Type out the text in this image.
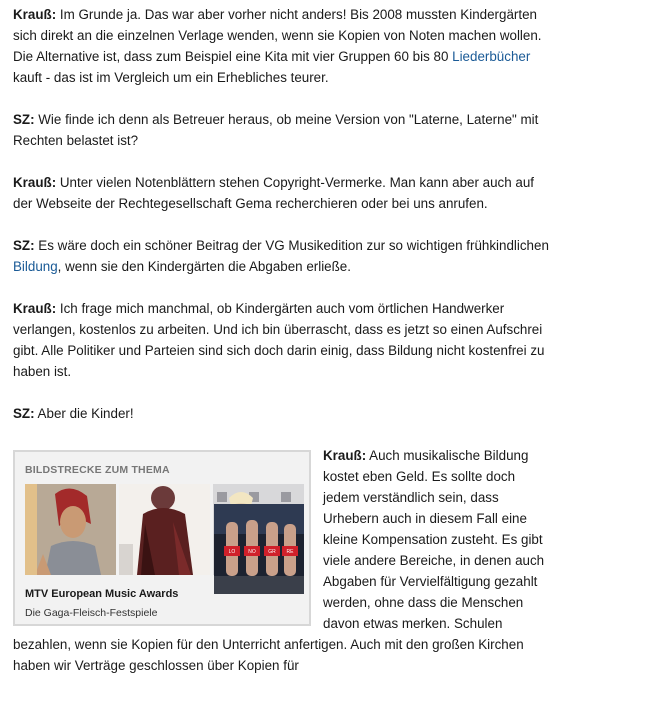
Krauß: Im Grunde ja. Das war aber vorher nicht anders! Bis 2008 mussten Kindergärten sich direkt an die einzelnen Verlage wenden, wenn sie Kopien von Noten machen wollen. Die Alternative ist, dass zum Beispiel eine Kita mit vier Gruppen 60 bis 80 Liederbücher kauft - das ist im Vergleich um ein Erhebliches teurer.

SZ: Wie finde ich denn als Betreuer heraus, ob meine Version von "Laterne, Laterne" mit Rechten belastet ist?

Krauß: Unter vielen Notenblättern stehen Copyright-Vermerke. Man kann aber auch auf der Webseite der Rechtegesellschaft Gema recherchieren oder bei uns anrufen.

SZ: Es wäre doch ein schöner Beitrag der VG Musikedition zur so wichtigen frühkindlichen Bildung, wenn sie den Kindergärten die Abgaben erließe.

Krauß: Ich frage mich manchmal, ob Kindergärten auch vom örtlichen Handwerker verlangen, kostenlos zu arbeiten. Und ich bin überrascht, dass es jetzt so einen Aufschrei gibt. Alle Politiker und Parteien sind sich doch darin einig, dass Bildung nicht kostenfrei zu haben ist.

SZ: Aber die Kinder!

BILDSTRECKE ZUM THEMA
MTV European Music Awards
Die Gaga-Fleisch-Festspiele

Krauß: Auch musikalische Bildung kostet eben Geld. Es sollte doch jedem verständlich sein, dass Urhebern auch in diesem Fall eine kleine Kompensation zusteht. Es gibt viele andere Bereiche, in denen auch Abgaben für Vervielfältigung gezahlt werden, ohne dass die Menschen davon etwas merken. Schulen bezahlen, wenn sie Kopien für den Unterricht anfertigen. Auch mit den großen Kirchen haben wir Verträge geschlossen über Kopien für

LO	NO	GR RE
